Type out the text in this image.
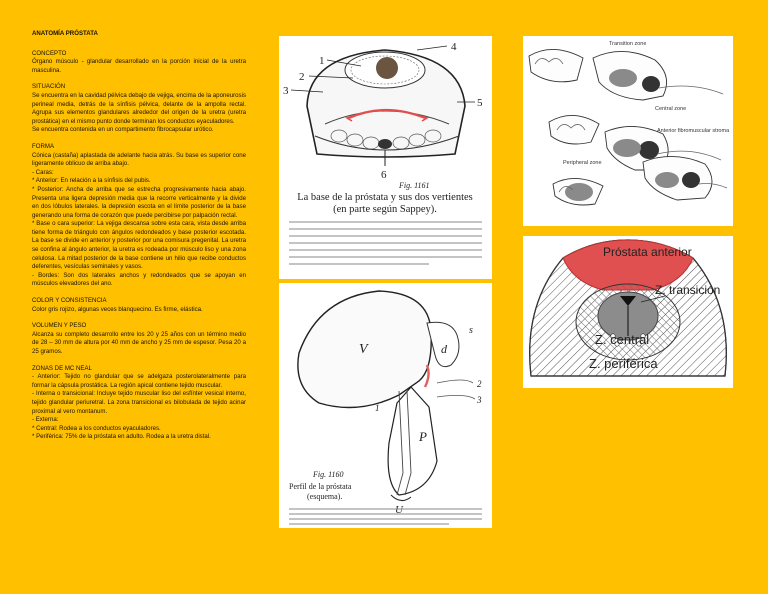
ANATOMÍA PRÓSTATA
CONCEPTO

Órgano músculo - glandular desarrollado en la porción inicial de la uretra masculina.

SITUACIÓN

Se encuentra en la cavidad pélvica debajo de vejiga, encima de la aponeurosis perineal media, detrás de la sínfisis pélvica, delante de la ampolla rectal. Agrupa sus elementos glandulares alrededor del origen de la uretra (uretra prostática) en el mismo punto donde terminan los conductos eyaculadores.

Se encuentra contenida en un compartimento fibrocapsular urótico.

FORMA

Cónica (castaña) aplastada de adelante hacia atrás. Su base es superior cone ligeramente oblicuo de arriba abajo.

- Caras:

* Anterior: En relación a la sínfisis del pubis.

* Posterior: Ancha de arriba que se estrecha progresivamente hacia abajo. Presenta una ligera depresión media que la recorre verticalmente y la divide en dos lóbulos laterales. la depresión escota en el límite posterior de la base generando una forma de corazón que puede percibirse por palpación rectal.

* Base o cara superior: La vejiga descansa sobre esta cara, vista desde arriba tiene forma de triángulo con ángulos redondeados y base posterior escotada. La base se divide en anterior y posterior por una comisura pregenital. La uretra se confina al ángulo anterior, la uretra es rodeada por músculo liso y una zona celulosa. La mitad posterior de la base contiene un hilio que recibe conductos deferentes, vesículas seminales y vasos.

- Bordes: Son dos laterales anchos y redondeados que se apoyan en músculos elevadores del ano.

COLOR Y CONSISTENCIA

Color gris rojizo, algunas veces blanquecino. Es firme, elástica.

VOLUMEN Y PESO

Alcanza su completo desarrollo entre los 20 y 25 años con un término medio de 28 – 30 mm de altura por 40 mm de ancho y 25 mm de espesor. Pesa 20 a 25 gramos.

ZONAS DE MC NEAL

- Anterior: Tejido no glandular que se adelgaza posterolateralmente para formar la cápsula prostática. La región apical contiene tejido muscular.

- Interna o transicional: Incluye tejido muscular liso del esfínter vesical interno, tejido glandular periuretral. La zona transicional es bilobulada de tejido acinar proximal al vero montanum.

- Externa:

* Central: Rodea a los conductos eyaculadores.

* Periférica: 75% de la próstata en adulto. Rodea a la uretra distal.

4
1
2
3
5
6
Fig. 1161
La base de la próstata y sus dos vertientes
(en parte según Sappey).
V	d
s
P
U
1
2
3
Fig. 1160
Perfil de la próstata
(esquema).
Transition zone
Central zone
Anterior fibromuscular stroma
Peripheral zone
Próstata anterior
Z. transición
Z. central
Z. periférica
